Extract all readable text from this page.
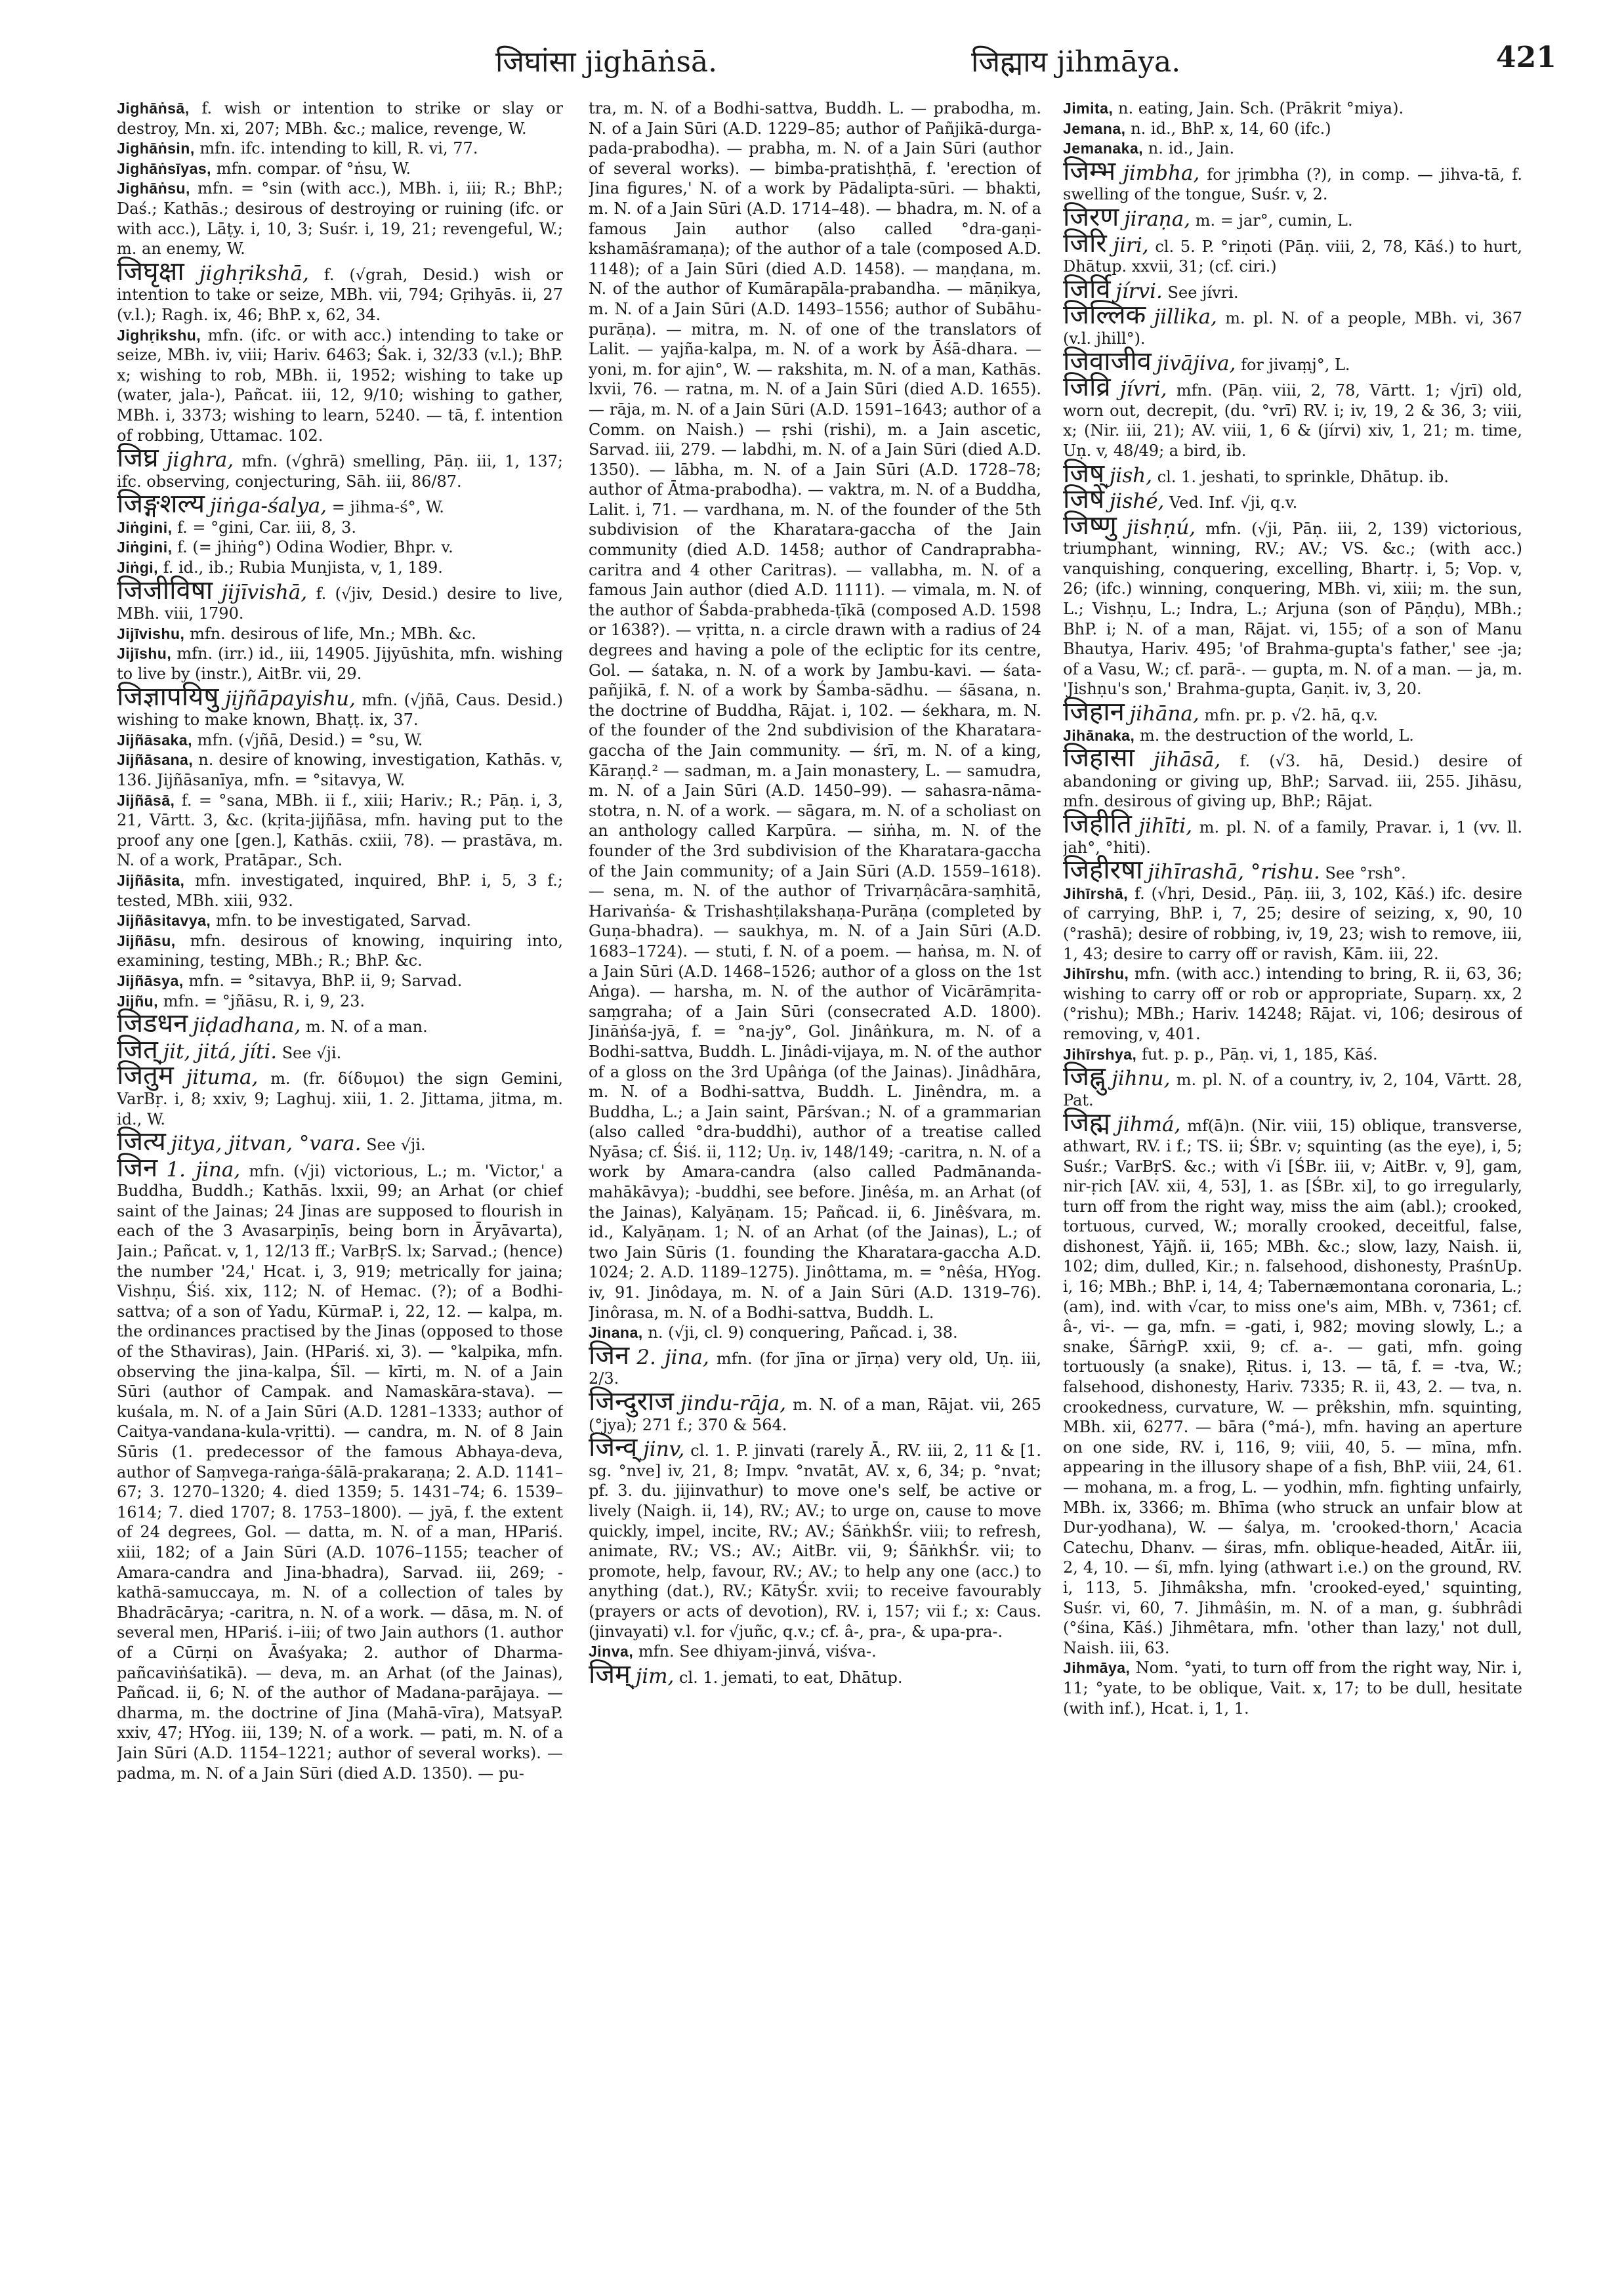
जिघांसा jighāṅsā.	जिह्माय jihmāya.	421
Jighāṅsā, f. wish or intention to strike or slay or destroy, Mn. xi, 207; MBh. &c.; malice, revenge, W.
Jighāṅsin, mfn. ifc. intending to kill, R. vi, 77.
Jighāṅsīyas, mfn. compar. of °ṅsu, W.
Jighāṅsu, mfn. = °sin (with acc.), MBh. i, iii; R.; BhP.; Daś.; Kathās.; desirous of destroying or ruining (ifc. or with acc.), Lāṭy. i, 10, 3; Suśr. i, 19, 21; revengeful, W.; m. an enemy, W.
जिघृक्षा jighṛikshā, f. (√grah, Desid.) wish or intention to take or seize, MBh. vii, 794; Gṛihyās. ii, 27 (v.l.); Ragh. ix, 46; BhP. x, 62, 34.
Jighṛikshu, mfn. (ifc. or with acc.) intending to take or seize, MBh. iv, viii; Hariv. 6463; Śak. i, 32/33 (v.l.); BhP. x; wishing to rob, MBh. ii, 1952; wishing to take up (water, jala-), Pañcat. iii, 12, 9/10; wishing to gather, MBh. i, 3373; wishing to learn, 5240. — tā, f. intention of robbing, Uttamac. 102.
जिघ्र jighra, mfn. (√ghrā) smelling, Pāṇ. iii, 1, 137; ifc. observing, conjecturing, Sāh. iii, 86/87.
जिङ्गशल्य jiṅga-śalya, = jihma-ś°, W.
Jiṅgini, f. = °gini, Car. iii, 8, 3.
Jiṅgini, f. (= jhiṅg°) Odina Wodier, Bhpr. v.
Jiṅgi, f. id., ib.; Rubia Munjista, v, 1, 189.
जिजीविषा jijīvishā, f. (√jiv, Desid.) desire to live, MBh. viii, 1790.
Jijīvishu, mfn. desirous of life, Mn.; MBh. &c.
Jijīshu, mfn. (irr.) id., iii, 14905. Jijyūshita, mfn. wishing to live by (instr.), AitBr. vii, 29.
जिज्ञापयिषु jijñāpayishu, mfn. (√jñā, Caus. Desid.) wishing to make known, Bhaṭṭ. ix, 37.
Jijñāsaka, mfn. (√jñā, Desid.) = °su, W.
Jijñāsana, n. desire of knowing, investigation, Kathās. v, 136. Jijñāsanīya, mfn. = °sitavya, W.
Jijñāsā, f. = °sana, MBh. ii f., xiii; Hariv.; R.; Pāṇ. i, 3, 21, Vārtt. 3, &c. (kṛita-jijñāsa, mfn. having put to the proof any one [gen.], Kathās. cxiii, 78). — prastāva, m. N. of a work, Pratāpar., Sch.
Jijñāsita, mfn. investigated, inquired, BhP. i, 5, 3 f.; tested, MBh. xiii, 932.
Jijñāsitavya, mfn. to be investigated, Sarvad.
Jijñāsu, mfn. desirous of knowing, inquiring into, examining, testing, MBh.; R.; BhP. &c.
Jijñāsya, mfn. = °sitavya, BhP. ii, 9; Sarvad.
Jijñu, mfn. = °jñāsu, R. i, 9, 23.
जिडधन jiḍadhana, m. N. of a man.
जित् jit, jitá, jíti. See √ji.
जितुम jituma, m. (fr. δίδυμοι) the sign Gemini, VarBṛ. i, 8; xxiv, 9; Laghuj. xiii, 1. 2. Jittama, jitma, m. id., W.
जित्य jitya, jitvan, °vara. See √ji.
जिन 1. jina, mfn. (√ji) victorious, L.; m. 'Victor,' a Buddha, Buddh.; Kathās. lxxii, 99; an Arhat (or chief saint of the Jainas; 24 Jinas are supposed to flourish in each of the 3 Avasarpiṇīs, being born in Āryāvarta), Jain.; Pañcat. v, 1, 12/13 ff.; VarBṛS. lx; Sarvad.; (hence) the number '24,' Hcat. i, 3, 919; metrically for jaina; Vishṇu, Śiś. xix, 112; N. of Hemac. (?); of a Bodhi-sattva; of a son of Yadu, KūrmaP. i, 22, 12. — kalpa, m. the ordinances practised by the Jinas (opposed to those of the Sthaviras), Jain. (HPariś. xi, 3). — °kalpika, mfn. observing the jina-kalpa, Śīl. — kīrti, m. N. of a Jain Sūri (author of Campak. and Namaskāra-stava). — kuśala, m. N. of a Jain Sūri (A.D. 1281–1333; author of Caitya-vandana-kula-vṛitti). — candra, m. N. of 8 Jain Sūris (1. predecessor of the famous Abhaya-deva, author of Saṃvega-raṅga-śālā-prakaraṇa; 2. A.D. 1141–67; 3. 1270–1320; 4. died 1359; 5. 1431–74; 6. 1539–1614; 7. died 1707; 8. 1753–1800). — jyā, f. the extent of 24 degrees, Gol. — datta, m. N. of a man, HPariś. xiii, 182; of a Jain Sūri (A.D. 1076–1155; teacher of Amara-candra and Jina-bhadra), Sarvad. iii, 269; -kathā-samuccaya, m. N. of a collection of tales by Bhadrācārya; -caritra, n. N. of a work. — dāsa, m. N. of several men, HPariś. i–iii; of two Jain authors (1. author of a Cūrṇi on Āvaśyaka; 2. author of Dharma-pañcaviṅśatikā). — deva, m. an Arhat (of the Jainas), Pañcad. ii, 6; N. of the author of Madana-parājaya. — dharma, m. the doctrine of Jina (Mahā-vīra), MatsyaP. xxiv, 47; HYog. iii, 139; N. of a work. — pati, m. N. of a Jain Sūri (A.D. 1154–1221; author of several works). — padma, m. N. of a Jain Sūri (died A.D. 1350). — pu-
tra, m. N. of a Bodhi-sattva, Buddh. L. — prabodha, m. N. of a Jain Sūri (A.D. 1229–85; author of Pañjikā-durga-pada-prabodha). — prabha, m. N. of a Jain Sūri (author of several works). — bimba-pratishṭhā, f. 'erection of Jina figures,' N. of a work by Pādalipta-sūri. — bhakti, m. N. of a Jain Sūri (A.D. 1714–48). — bhadra, m. N. of a famous Jain author (also called °dra-gaṇi-kshamāśramaṇa); of the author of a tale (composed A.D. 1148); of a Jain Sūri (died A.D. 1458). — maṇḍana, m. N. of the author of Kumārapāla-prabandha. — māṇikya, m. N. of a Jain Sūri (A.D. 1493–1556; author of Subāhu-purāṇa). — mitra, m. N. of one of the translators of Lalit. — yajña-kalpa, m. N. of a work by Āśā-dhara. — yoni, m. for ajin°, W. — rakshita, m. N. of a man, Kathās. lxvii, 76. — ratna, m. N. of a Jain Sūri (died A.D. 1655). — rāja, m. N. of a Jain Sūri (A.D. 1591–1643; author of a Comm. on Naish.) — ṛshi (rishi), m. a Jain ascetic, Sarvad. iii, 279. — labdhi, m. N. of a Jain Sūri (died A.D. 1350). — lābha, m. N. of a Jain Sūri (A.D. 1728–78; author of Ātma-prabodha). — vaktra, m. N. of a Buddha, Lalit. i, 71. — vardhana, m. N. of the founder of the 5th subdivision of the Kharatara-gaccha of the Jain community (died A.D. 1458; author of Candraprabha-caritra and 4 other Caritras). — vallabha, m. N. of a famous Jain author (died A.D. 1111). — vimala, m. N. of the author of Śabda-prabheda-ṭīkā (composed A.D. 1598 or 1638?). — vṛitta, n. a circle drawn with a radius of 24 degrees and having a pole of the ecliptic for its centre, Gol. — śataka, n. N. of a work by Jambu-kavi. — śata-pañjikā, f. N. of a work by Śamba-sādhu. — śāsana, n. the doctrine of Buddha, Rājat. i, 102. — śekhara, m. N. of the founder of the 2nd subdivision of the Kharatara-gaccha of the Jain community. — śrī, m. N. of a king, Kāraṇḍ.² — sadman, m. a Jain monastery, L. — samudra, m. N. of a Jain Sūri (A.D. 1450–99). — sahasra-nāma-stotra, n. N. of a work. — sāgara, m. N. of a scholiast on an anthology called Karpūra. — siṅha, m. N. of the founder of the 3rd subdivision of the Kharatara-gaccha of the Jain community; of a Jain Sūri (A.D. 1559–1618). — sena, m. N. of the author of Trivarṇâcāra-saṃhitā, Harivaṅśa- & Trishashṭilakshaṇa-Purāṇa (completed by Guṇa-bhadra). — saukhya, m. N. of a Jain Sūri (A.D. 1683–1724). — stuti, f. N. of a poem. — haṅsa, m. N. of a Jain Sūri (A.D. 1468–1526; author of a gloss on the 1st Aṅga). — harsha, m. N. of the author of Vicārāmṛita-saṃgraha; of a Jain Sūri (consecrated A.D. 1800). Jināṅśa-jyā, f. = °na-jy°, Gol. Jinâṅkura, m. N. of a Bodhi-sattva, Buddh. L. Jinâdi-vijaya, m. N. of the author of a gloss on the 3rd Upâṅga (of the Jainas). Jinâdhāra, m. N. of a Bodhi-sattva, Buddh. L. Jinêndra, m. a Buddha, L.; a Jain saint, Pārśvan.; N. of a grammarian (also called °dra-buddhi), author of a treatise called Nyāsa; cf. Śiś. ii, 112; Uṇ. iv, 148/149; -caritra, n. N. of a work by Amara-candra (also called Padmānanda-mahākāvya); -buddhi, see before. Jinêśa, m. an Arhat (of the Jainas), Kalyāṇam. 15; Pañcad. ii, 6. Jinêśvara, m. id., Kalyāṇam. 1; N. of an Arhat (of the Jainas), L.; of two Jain Sūris (1. founding the Kharatara-gaccha A.D. 1024; 2. A.D. 1189–1275). Jinôttama, m. = °nêśa, HYog. iv, 91. Jinôdaya, m. N. of a Jain Sūri (A.D. 1319–76). Jinôrasa, m. N. of a Bodhi-sattva, Buddh. L.
Jinana, n. (√ji, cl. 9) conquering, Pañcad. i, 38.
जिन 2. jina, mfn. (for jīna or jīrṇa) very old, Uṇ. iii, 2/3.
जिन्दुराज jindu-rāja, m. N. of a man, Rājat. vii, 265 (°jya); 271 f.; 370 & 564.
जिन्व् jinv, cl. 1. P. jinvati (rarely Ā., RV. iii, 2, 11 & [1. sg. °nve] iv, 21, 8; Impv. °nvatāt, AV. x, 6, 34; p. °nvat; pf. 3. du. jijinvathur) to move one's self, be active or lively (Naigh. ii, 14), RV.; AV.; to urge on, cause to move quickly, impel, incite, RV.; AV.; ŚāṅkhŚr. viii; to refresh, animate, RV.; VS.; AV.; AitBr. vii, 9; ŚāṅkhŚr. vii; to promote, help, favour, RV.; AV.; to help any one (acc.) to anything (dat.), RV.; KātyŚr. xvii; to receive favourably (prayers or acts of devotion), RV. i, 157; vii f.; x: Caus. (jinvayati) v.l. for √juñc, q.v.; cf. â-, pra-, & upa-pra-.
Jinva, mfn. See dhiyam-jinvá, viśva-.
जिम् jim, cl. 1. jemati, to eat, Dhātup.
Jimita, n. eating, Jain. Sch. (Prākrit °miya).
Jemana, n. id., BhP. x, 14, 60 (ifc.)
Jemanaka, n. id., Jain.
जिम्भ jimbha, for jṛimbha (?), in comp. — jihva-tā, f. swelling of the tongue, Suśr. v, 2.
जिरण jiraṇa, m. = jar°, cumin, L.
जिरि jiri, cl. 5. P. °riṇoti (Pāṇ. viii, 2, 78, Kāś.) to hurt, Dhātup. xxvii, 31; (cf. ciri.)
जिर्वि jírvi. See jívri.
जिल्लिक jillika, m. pl. N. of a people, MBh. vi, 367 (v.l. jhill°).
जिवाजीव jivājiva, for jivaṃj°, L.
जिव्रि jívri, mfn. (Pāṇ. viii, 2, 78, Vārtt. 1; √jrī) old, worn out, decrepit, (du. °vrī) RV. i; iv, 19, 2 & 36, 3; viii, x; (Nir. iii, 21); AV. viii, 1, 6 & (jírvi) xiv, 1, 21; m. time, Uṇ. v, 48/49; a bird, ib.
जिष् jish, cl. 1. jeshati, to sprinkle, Dhātup. ib.
जिषे jishé, Ved. Inf. √ji, q.v.
जिष्णु jishṇú, mfn. (√ji, Pāṇ. iii, 2, 139) victorious, triumphant, winning, RV.; AV.; VS. &c.; (with acc.) vanquishing, conquering, excelling, Bhartṛ. i, 5; Vop. v, 26; (ifc.) winning, conquering, MBh. vi, xiii; m. the sun, L.; Vishṇu, L.; Indra, L.; Arjuna (son of Pāṇḍu), MBh.; BhP. i; N. of a man, Rājat. vi, 155; of a son of Manu Bhautya, Hariv. 495; 'of Brahma-gupta's father,' see -ja; of a Vasu, W.; cf. parā-. — gupta, m. N. of a man. — ja, m. 'Jishṇu's son,' Brahma-gupta, Gaṇit. iv, 3, 20.
जिहान jihāna, mfn. pr. p. √2. hā, q.v.
Jihānaka, m. the destruction of the world, L.
जिहासा jihāsā, f. (√3. hā, Desid.) desire of abandoning or giving up, BhP.; Sarvad. iii, 255. Jihāsu, mfn. desirous of giving up, BhP.; Rājat.
जिहीति jihīti, m. pl. N. of a family, Pravar. i, 1 (vv. ll. jah°, °hiti).
जिहीरषा jihīrashā, °rishu. See °rsh°.
Jihīrshā, f. (√hṛi, Desid., Pāṇ. iii, 3, 102, Kāś.) ifc. desire of carrying, BhP. i, 7, 25; desire of seizing, x, 90, 10 (°rashā); desire of robbing, iv, 19, 23; wish to remove, iii, 1, 43; desire to carry off or ravish, Kām. iii, 22.
Jihīrshu, mfn. (with acc.) intending to bring, R. ii, 63, 36; wishing to carry off or rob or appropriate, Suparṇ. xx, 2 (°rishu); MBh.; Hariv. 14248; Rājat. vi, 106; desirous of removing, v, 401.
Jihīrshya, fut. p. p., Pāṇ. vi, 1, 185, Kāś.
जिह्नु jihnu, m. pl. N. of a country, iv, 2, 104, Vārtt. 28, Pat.
जिह्म jihmá, mf(ā)n. (Nir. viii, 15) oblique, transverse, athwart, RV. i f.; TS. ii; ŚBr. v; squinting (as the eye), i, 5; Suśr.; VarBṛS. &c.; with √i [ŚBr. iii, v; AitBr. v, 9], gam, nir-ṛich [AV. xii, 4, 53], 1. as [ŚBr. xi], to go irregularly, turn off from the right way, miss the aim (abl.); crooked, tortuous, curved, W.; morally crooked, deceitful, false, dishonest, Yājñ. ii, 165; MBh. &c.; slow, lazy, Naish. ii, 102; dim, dulled, Kir.; n. falsehood, dishonesty, PraśnUp. i, 16; MBh.; BhP. i, 14, 4; Tabernæmontana coronaria, L.; (am), ind. with √car, to miss one's aim, MBh. v, 7361; cf. â-, vi-. — ga, mfn. = -gati, i, 982; moving slowly, L.; a snake, ŚārṅgP. xxii, 9; cf. a-. — gati, mfn. going tortuously (a snake), Ṛitus. i, 13. — tā, f. = -tva, W.; falsehood, dishonesty, Hariv. 7335; R. ii, 43, 2. — tva, n. crookedness, curvature, W. — prêkshin, mfn. squinting, MBh. xii, 6277. — bāra (°má-), mfn. having an aperture on one side, RV. i, 116, 9; viii, 40, 5. — mīna, mfn. appearing in the illusory shape of a fish, BhP. viii, 24, 61. — mohana, m. a frog, L. — yodhin, mfn. fighting unfairly, MBh. ix, 3366; m. Bhīma (who struck an unfair blow at Dur-yodhana), W. — śalya, m. 'crooked-thorn,' Acacia Catechu, Dhanv. — śiras, mfn. oblique-headed, AitĀr. iii, 2, 4, 10. — śī, mfn. lying (athwart i.e.) on the ground, RV. i, 113, 5. Jihmâksha, mfn. 'crooked-eyed,' squinting, Suśr. vi, 60, 7. Jihmâśin, m. N. of a man, g. śubhrâdi (°śina, Kāś.) Jihmêtara, mfn. 'other than lazy,' not dull, Naish. iii, 63.
Jihmāya, Nom. °yati, to turn off from the right way, Nir. i, 11; °yate, to be oblique, Vait. x, 17; to be dull, hesitate (with inf.), Hcat. i, 1, 1.
